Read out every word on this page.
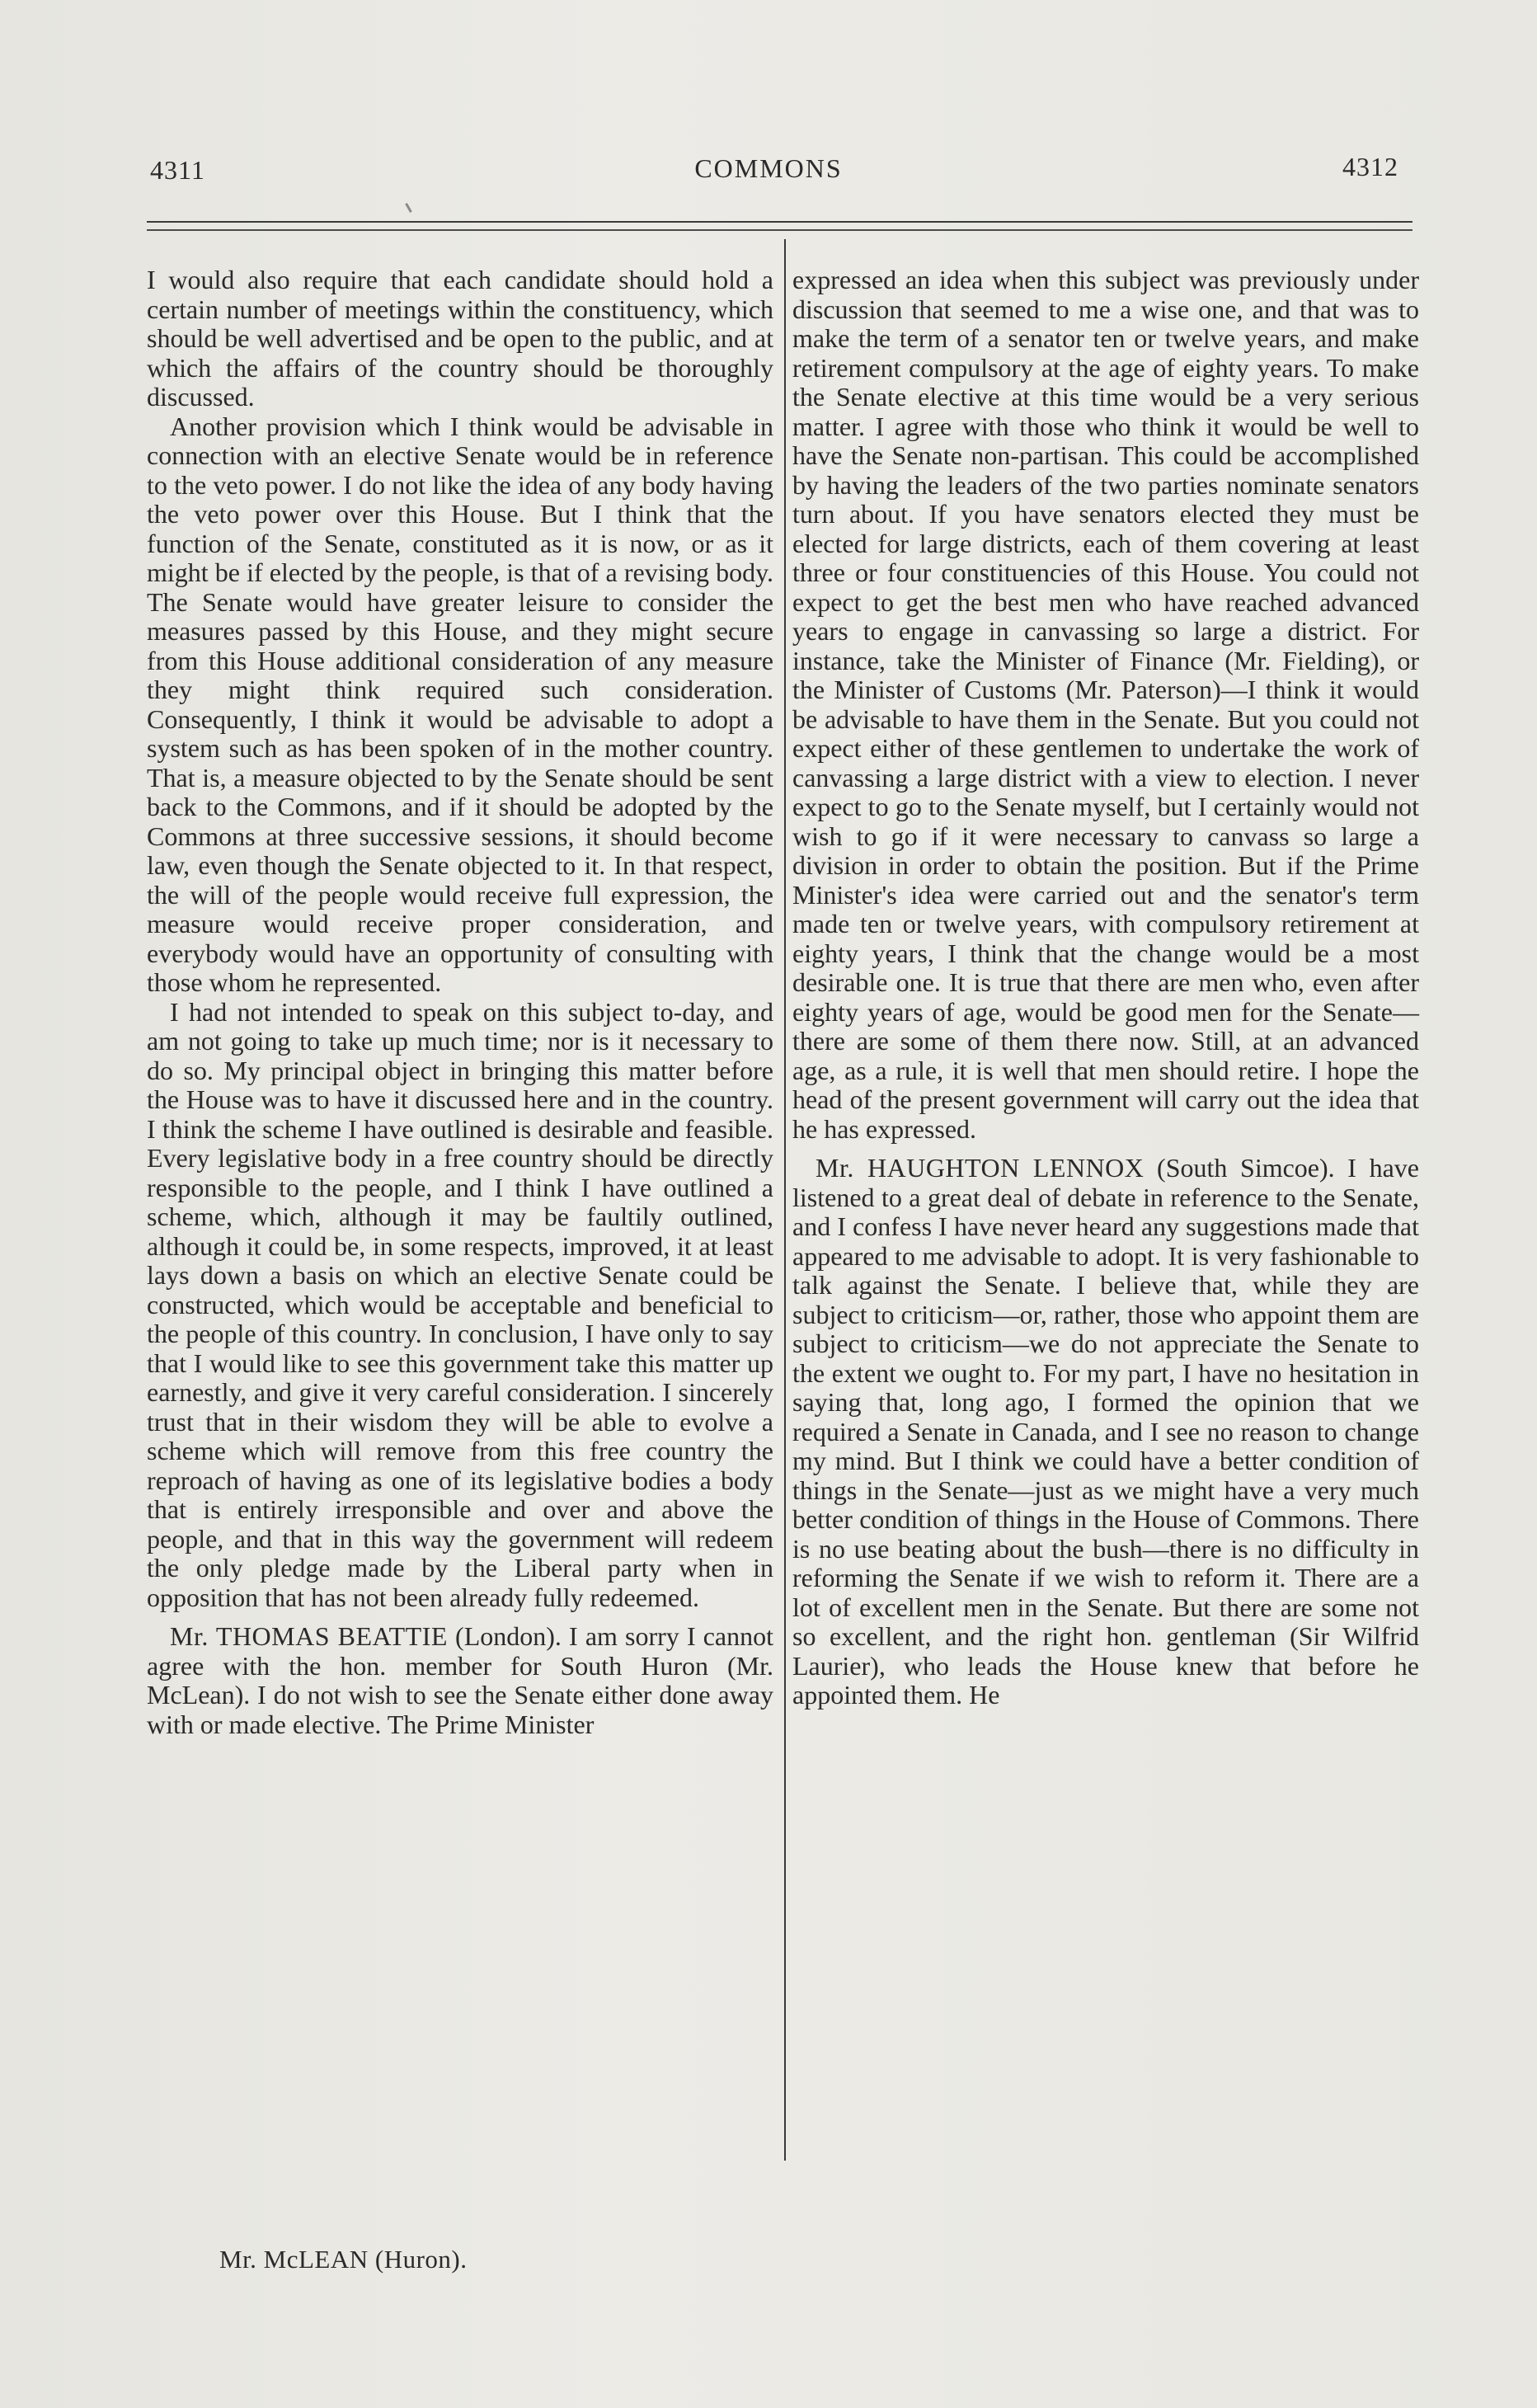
4311	COMMONS	4312

I would also require that each candidate should hold a certain number of meetings within the constituency, which should be well advertised and be open to the public, and at which the affairs of the country should be thoroughly discussed.

Another provision which I think would be advisable in connection with an elective Senate would be in reference to the veto power. I do not like the idea of any body having the veto power over this House. But I think that the function of the Senate, constituted as it is now, or as it might be if elected by the people, is that of a revising body. The Senate would have greater leisure to consider the measures passed by this House, and they might secure from this House additional consideration of any measure they might think required such consideration. Consequently, I think it would be advisable to adopt a system such as has been spoken of in the mother country. That is, a measure objected to by the Senate should be sent back to the Commons, and if it should be adopted by the Commons at three successive sessions, it should become law, even though the Senate objected to it. In that respect, the will of the people would receive full expression, the measure would receive proper consideration, and everybody would have an opportunity of consulting with those whom he represented.

I had not intended to speak on this subject to-day, and am not going to take up much time; nor is it necessary to do so. My principal object in bringing this matter before the House was to have it discussed here and in the country. I think the scheme I have outlined is desirable and feasible. Every legislative body in a free country should be directly responsible to the people, and I think I have outlined a scheme, which, although it may be faultily outlined, although it could be, in some respects, improved, it at least lays down a basis on which an elective Senate could be constructed, which would be acceptable and beneficial to the people of this country. In conclusion, I have only to say that I would like to see this government take this matter up earnestly, and give it very careful consideration. I sincerely trust that in their wisdom they will be able to evolve a scheme which will remove from this free country the reproach of having as one of its legislative bodies a body that is entirely irresponsible and over and above the people, and that in this way the government will redeem the only pledge made by the Liberal party when in opposition that has not been already fully redeemed.

Mr. THOMAS BEATTIE (London). I am sorry I cannot agree with the hon. member for South Huron (Mr. McLean). I do not wish to see the Senate either done away with or made elective. The Prime Minister

expressed an idea when this subject was previously under discussion that seemed to me a wise one, and that was to make the term of a senator ten or twelve years, and make retirement compulsory at the age of eighty years. To make the Senate elective at this time would be a very serious matter. I agree with those who think it would be well to have the Senate non-partisan. This could be accomplished by having the leaders of the two parties nominate senators turn about. If you have senators elected they must be elected for large districts, each of them covering at least three or four constituencies of this House. You could not expect to get the best men who have reached advanced years to engage in canvassing so large a district. For instance, take the Minister of Finance (Mr. Fielding), or the Minister of Customs (Mr. Paterson)—I think it would be advisable to have them in the Senate. But you could not expect either of these gentlemen to undertake the work of canvassing a large district with a view to election. I never expect to go to the Senate myself, but I certainly would not wish to go if it were necessary to canvass so large a division in order to obtain the position. But if the Prime Minister's idea were carried out and the senator's term made ten or twelve years, with compulsory retirement at eighty years, I think that the change would be a most desirable one. It is true that there are men who, even after eighty years of age, would be good men for the Senate—there are some of them there now. Still, at an advanced age, as a rule, it is well that men should retire. I hope the head of the present government will carry out the idea that he has expressed.

Mr. HAUGHTON LENNOX (South Simcoe). I have listened to a great deal of debate in reference to the Senate, and I confess I have never heard any suggestions made that appeared to me advisable to adopt. It is very fashionable to talk against the Senate. I believe that, while they are subject to criticism—or, rather, those who appoint them are subject to criticism—we do not appreciate the Senate to the extent we ought to. For my part, I have no hesitation in saying that, long ago, I formed the opinion that we required a Senate in Canada, and I see no reason to change my mind. But I think we could have a better condition of things in the Senate—just as we might have a very much better condition of things in the House of Commons. There is no use beating about the bush—there is no difficulty in reforming the Senate if we wish to reform it. There are a lot of excellent men in the Senate. But there are some not so excellent, and the right hon. gentleman (Sir Wilfrid Laurier), who leads the House knew that before he appointed them. He

Mr. McLEAN (Huron).
